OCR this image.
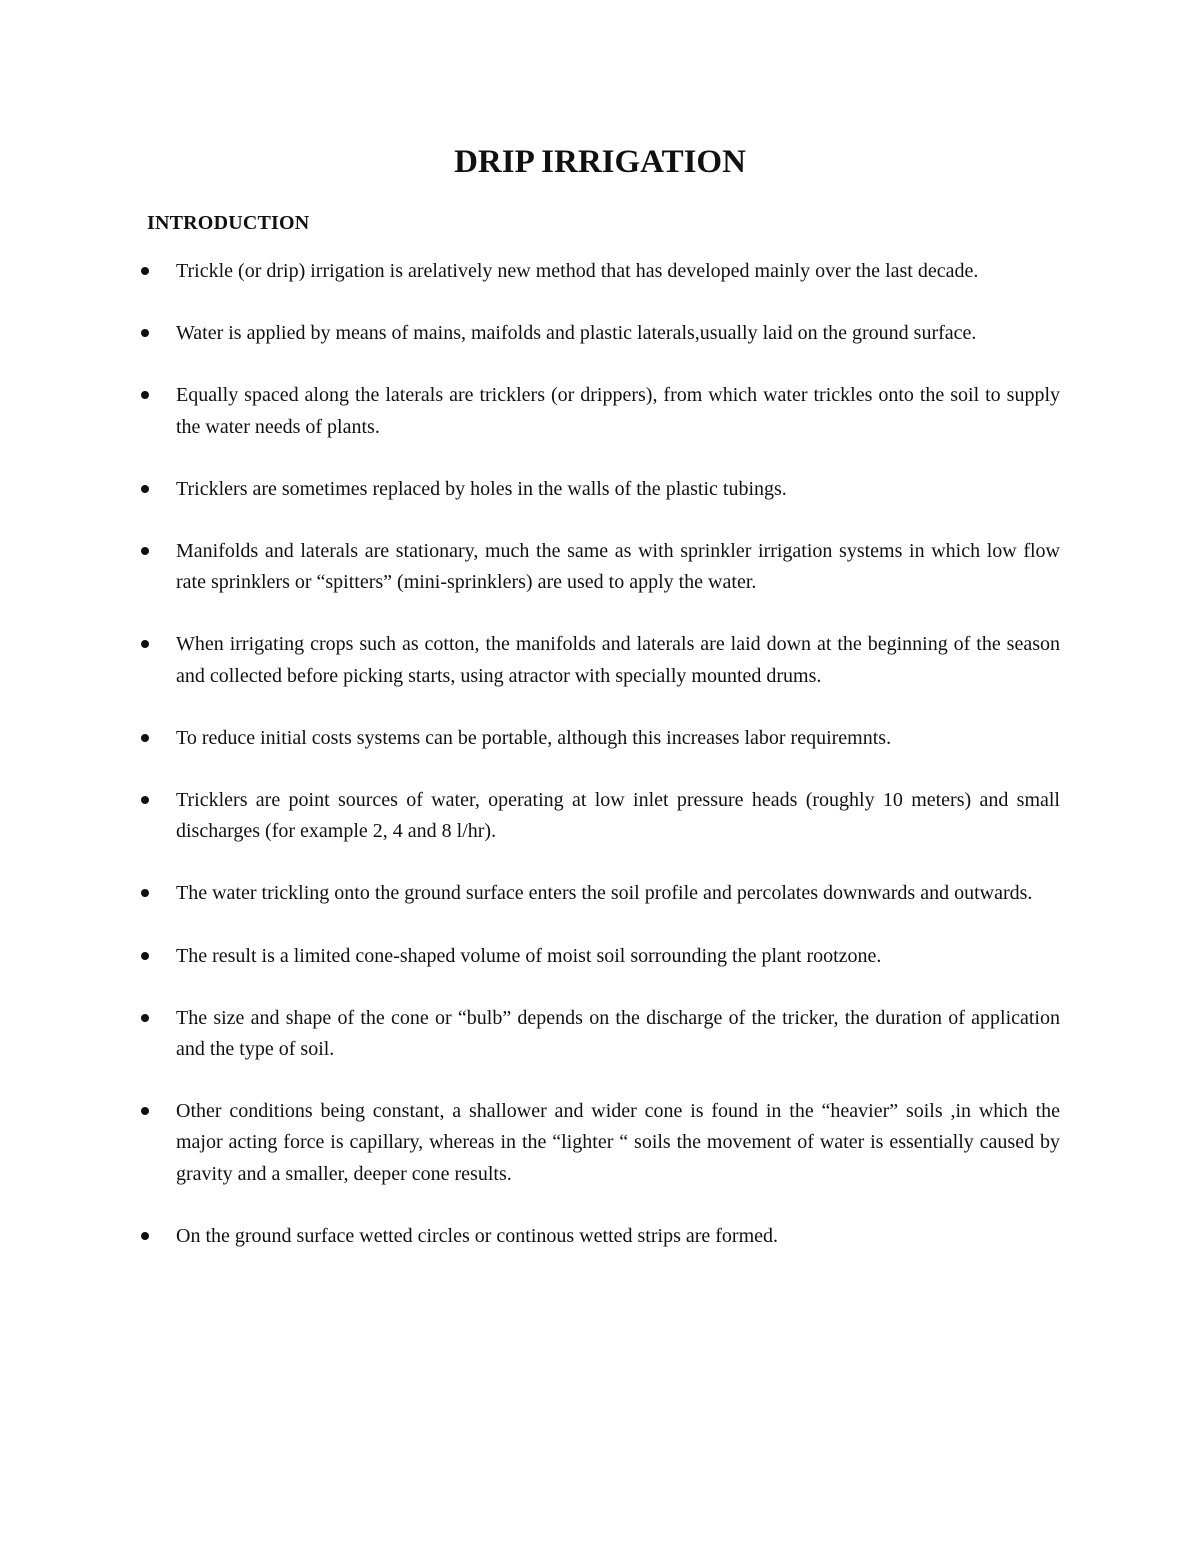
DRIP IRRIGATION
INTRODUCTION
Trickle (or drip) irrigation is arelatively new method that has developed mainly over the last decade.
Water is applied by means of mains, maifolds and plastic laterals,usually laid on the ground surface.
Equally spaced along the laterals are tricklers (or drippers), from which water trickles onto the soil to supply the water needs of plants.
Tricklers are sometimes replaced by holes in the walls of the plastic tubings.
Manifolds and laterals are stationary, much the same as with sprinkler irrigation systems in which low flow rate sprinklers or “spitters” (mini-sprinklers) are used to apply the water.
When irrigating crops such as cotton, the manifolds and laterals are laid down at the beginning of the season and collected before picking starts, using atractor with specially mounted drums.
To reduce initial costs systems can be portable, although this increases labor requiremnts.
Tricklers are point sources of water, operating at low inlet pressure heads (roughly 10 meters) and small discharges (for example 2, 4 and 8 l/hr).
The water trickling onto the ground surface enters the soil profile and percolates downwards and outwards.
The result is a limited cone-shaped volume of moist soil sorrounding the plant rootzone.
The size and shape of the cone or “bulb” depends on the discharge of the tricker, the duration of application and the type of soil.
Other conditions being constant, a shallower and wider cone is found in the “heavier” soils ,in which the major acting force is capillary, whereas in the “lighter “ soils the movement of water is essentially caused by gravity and a smaller, deeper cone results.
On the ground surface wetted circles or continous wetted strips are formed.
